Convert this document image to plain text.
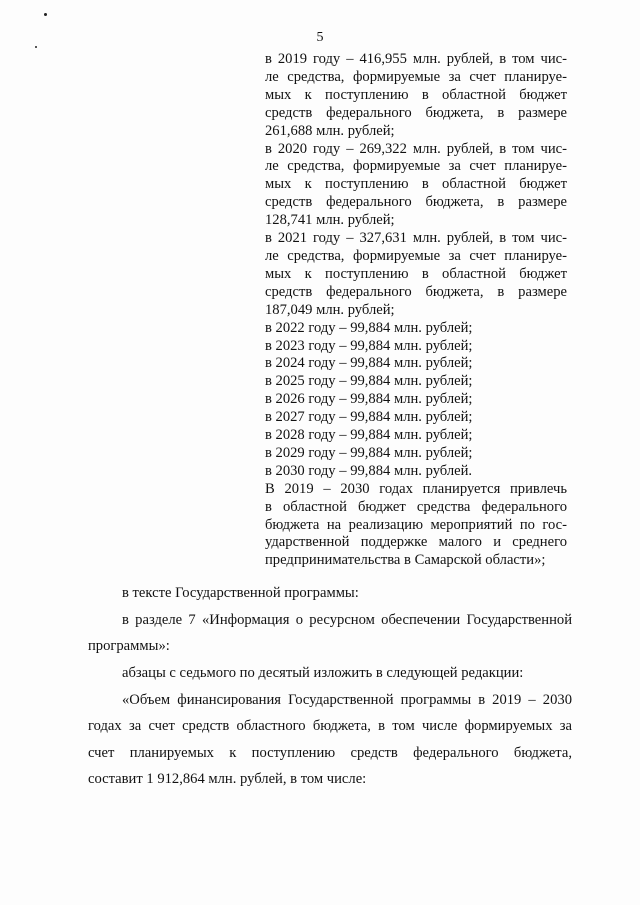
5
в 2019 году – 416,955 млн. рублей, в том чис-
ле средства, формируемые за счет планируе-
мых к поступлению в областной бюджет
средств федерального бюджета, в размере
261,688 млн. рублей;
в 2020 году – 269,322 млн. рублей, в том чис-
ле средства, формируемые за счет планируе-
мых к поступлению в областной бюджет
средств федерального бюджета, в размере
128,741 млн. рублей;
в 2021 году – 327,631 млн. рублей, в том чис-
ле средства, формируемые за счет планируе-
мых к поступлению в областной бюджет
средств федерального бюджета, в размере
187,049 млн. рублей;
в 2022 году – 99,884 млн. рублей;
в 2023 году – 99,884 млн. рублей;
в 2024 году – 99,884 млн. рублей;
в 2025 году – 99,884 млн. рублей;
в 2026 году – 99,884 млн. рублей;
в 2027 году – 99,884 млн. рублей;
в 2028 году – 99,884 млн. рублей;
в 2029 году – 99,884 млн. рублей;
в 2030 году – 99,884 млн. рублей.
В 2019 – 2030 годах планируется привлечь
в областной бюджет средства федерального
бюджета на реализацию мероприятий по гос-
ударственной поддержке малого и среднего
предпринимательства в Самарской области»;
в тексте Государственной программы:
в разделе 7 «Информация о ресурсном обеспечении Государственной
программы»:
абзацы с седьмого по десятый изложить в следующей редакции:
«Объем финансирования Государственной программы в 2019 – 2030
годах за счет средств областного бюджета, в том числе формируемых за
счет планируемых к поступлению средств федерального бюджета,
составит 1 912,864 млн. рублей, в том числе:
